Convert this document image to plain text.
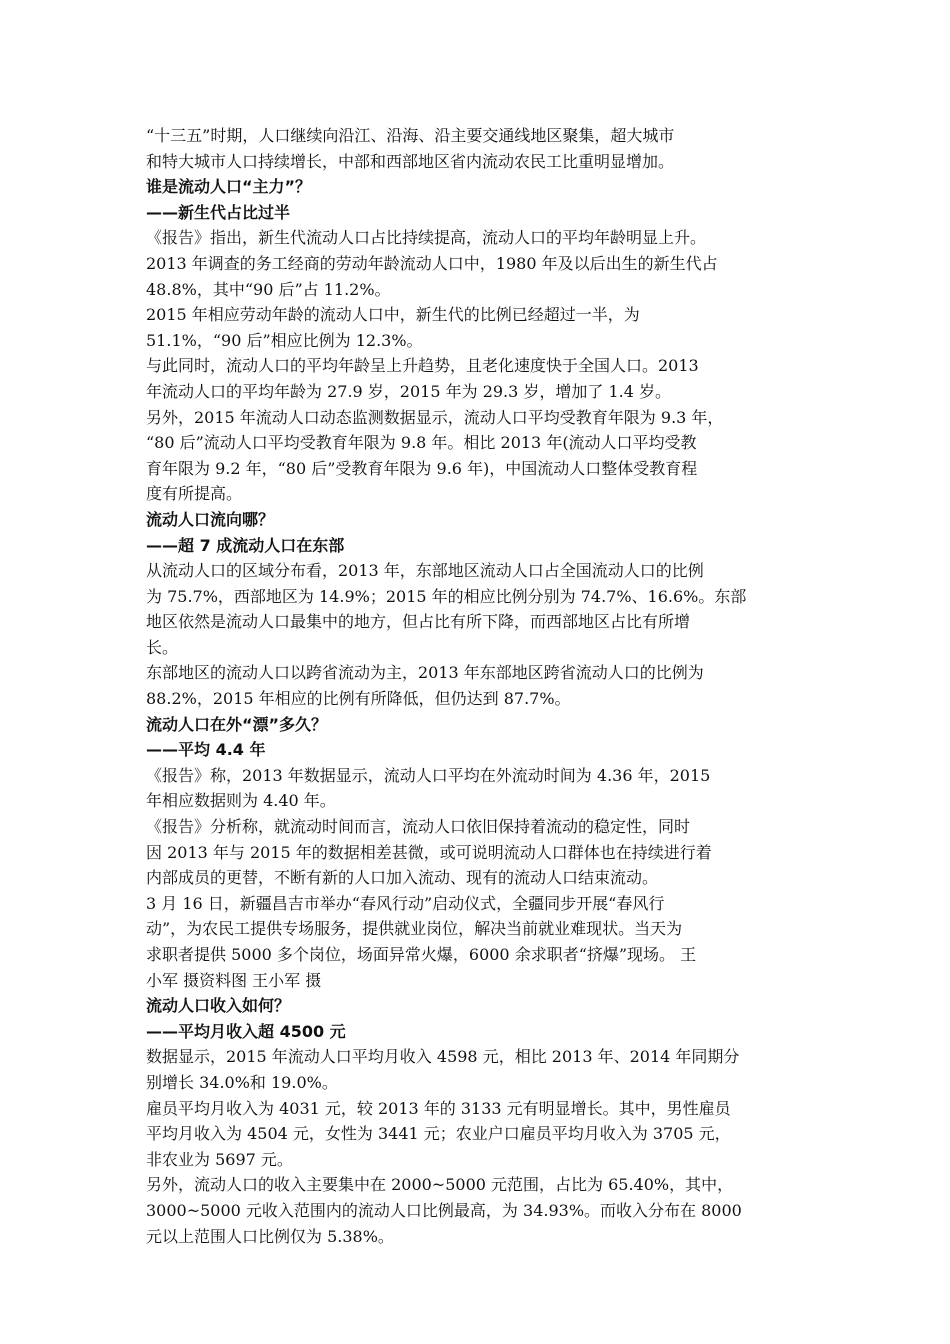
“十三五”时期，人口继续向沿江、沿海、沿主要交通线地区聚集，超大城市
和特大城市人口持续增长，中部和西部地区省内流动农民工比重明显增加。
谁是流动人口“主力”？
——新生代占比过半
《报告》指出，新生代流动人口占比持续提高，流动人口的平均年龄明显上升。
2013 年调查的务工经商的劳动年龄流动人口中，1980 年及以后出生的新生代占
48.8%，其中“90 后”占 11.2%。
2015 年相应劳动年龄的流动人口中，新生代的比例已经超过一半，为
51.1%，“90 后”相应比例为 12.3%。
与此同时，流动人口的平均年龄呈上升趋势，且老化速度快于全国人口。2013
年流动人口的平均年龄为 27.9 岁，2015 年为 29.3 岁，增加了 1.4 岁。
另外，2015 年流动人口动态监测数据显示，流动人口平均受教育年限为 9.3 年，
“80 后”流动人口平均受教育年限为 9.8 年。相比 2013 年(流动人口平均受教
育年限为 9.2 年，“80 后”受教育年限为 9.6 年)，中国流动人口整体受教育程
度有所提高。
流动人口流向哪？
——超 7 成流动人口在东部
从流动人口的区域分布看，2013 年，东部地区流动人口占全国流动人口的比例
为 75.7%，西部地区为 14.9%；2015 年的相应比例分别为 74.7%、16.6%。东部
地区依然是流动人口最集中的地方，但占比有所下降，而西部地区占比有所增
长。
东部地区的流动人口以跨省流动为主，2013 年东部地区跨省流动人口的比例为
88.2%，2015 年相应的比例有所降低，但仍达到 87.7%。
流动人口在外“漂”多久？
——平均 4.4 年
《报告》称，2013 年数据显示，流动人口平均在外流动时间为 4.36 年，2015
年相应数据则为 4.40 年。
《报告》分析称，就流动时间而言，流动人口依旧保持着流动的稳定性，同时
因 2013 年与 2015 年的数据相差甚微，或可说明流动人口群体也在持续进行着
内部成员的更替，不断有新的人口加入流动、现有的流动人口结束流动。
3 月 16 日，新疆昌吉市举办“春风行动”启动仪式，全疆同步开展“春风行
动”，为农民工提供专场服务，提供就业岗位，解决当前就业难现状。当天为
求职者提供 5000 多个岗位，场面异常火爆，6000 余求职者“挤爆”现场。 王
小军 摄资料图 王小军 摄
流动人口收入如何？
——平均月收入超 4500 元
数据显示，2015 年流动人口平均月收入 4598 元，相比 2013 年、2014 年同期分
别增长 34.0%和 19.0%。
雇员平均月收入为 4031 元，较 2013 年的 3133 元有明显增长。其中，男性雇员
平均月收入为 4504 元，女性为 3441 元；农业户口雇员平均月收入为 3705 元，
非农业为 5697 元。
另外，流动人口的收入主要集中在 2000~5000 元范围，占比为 65.40%，其中，
3000~5000 元收入范围内的流动人口比例最高，为 34.93%。而收入分布在 8000
元以上范围人口比例仅为 5.38%。
